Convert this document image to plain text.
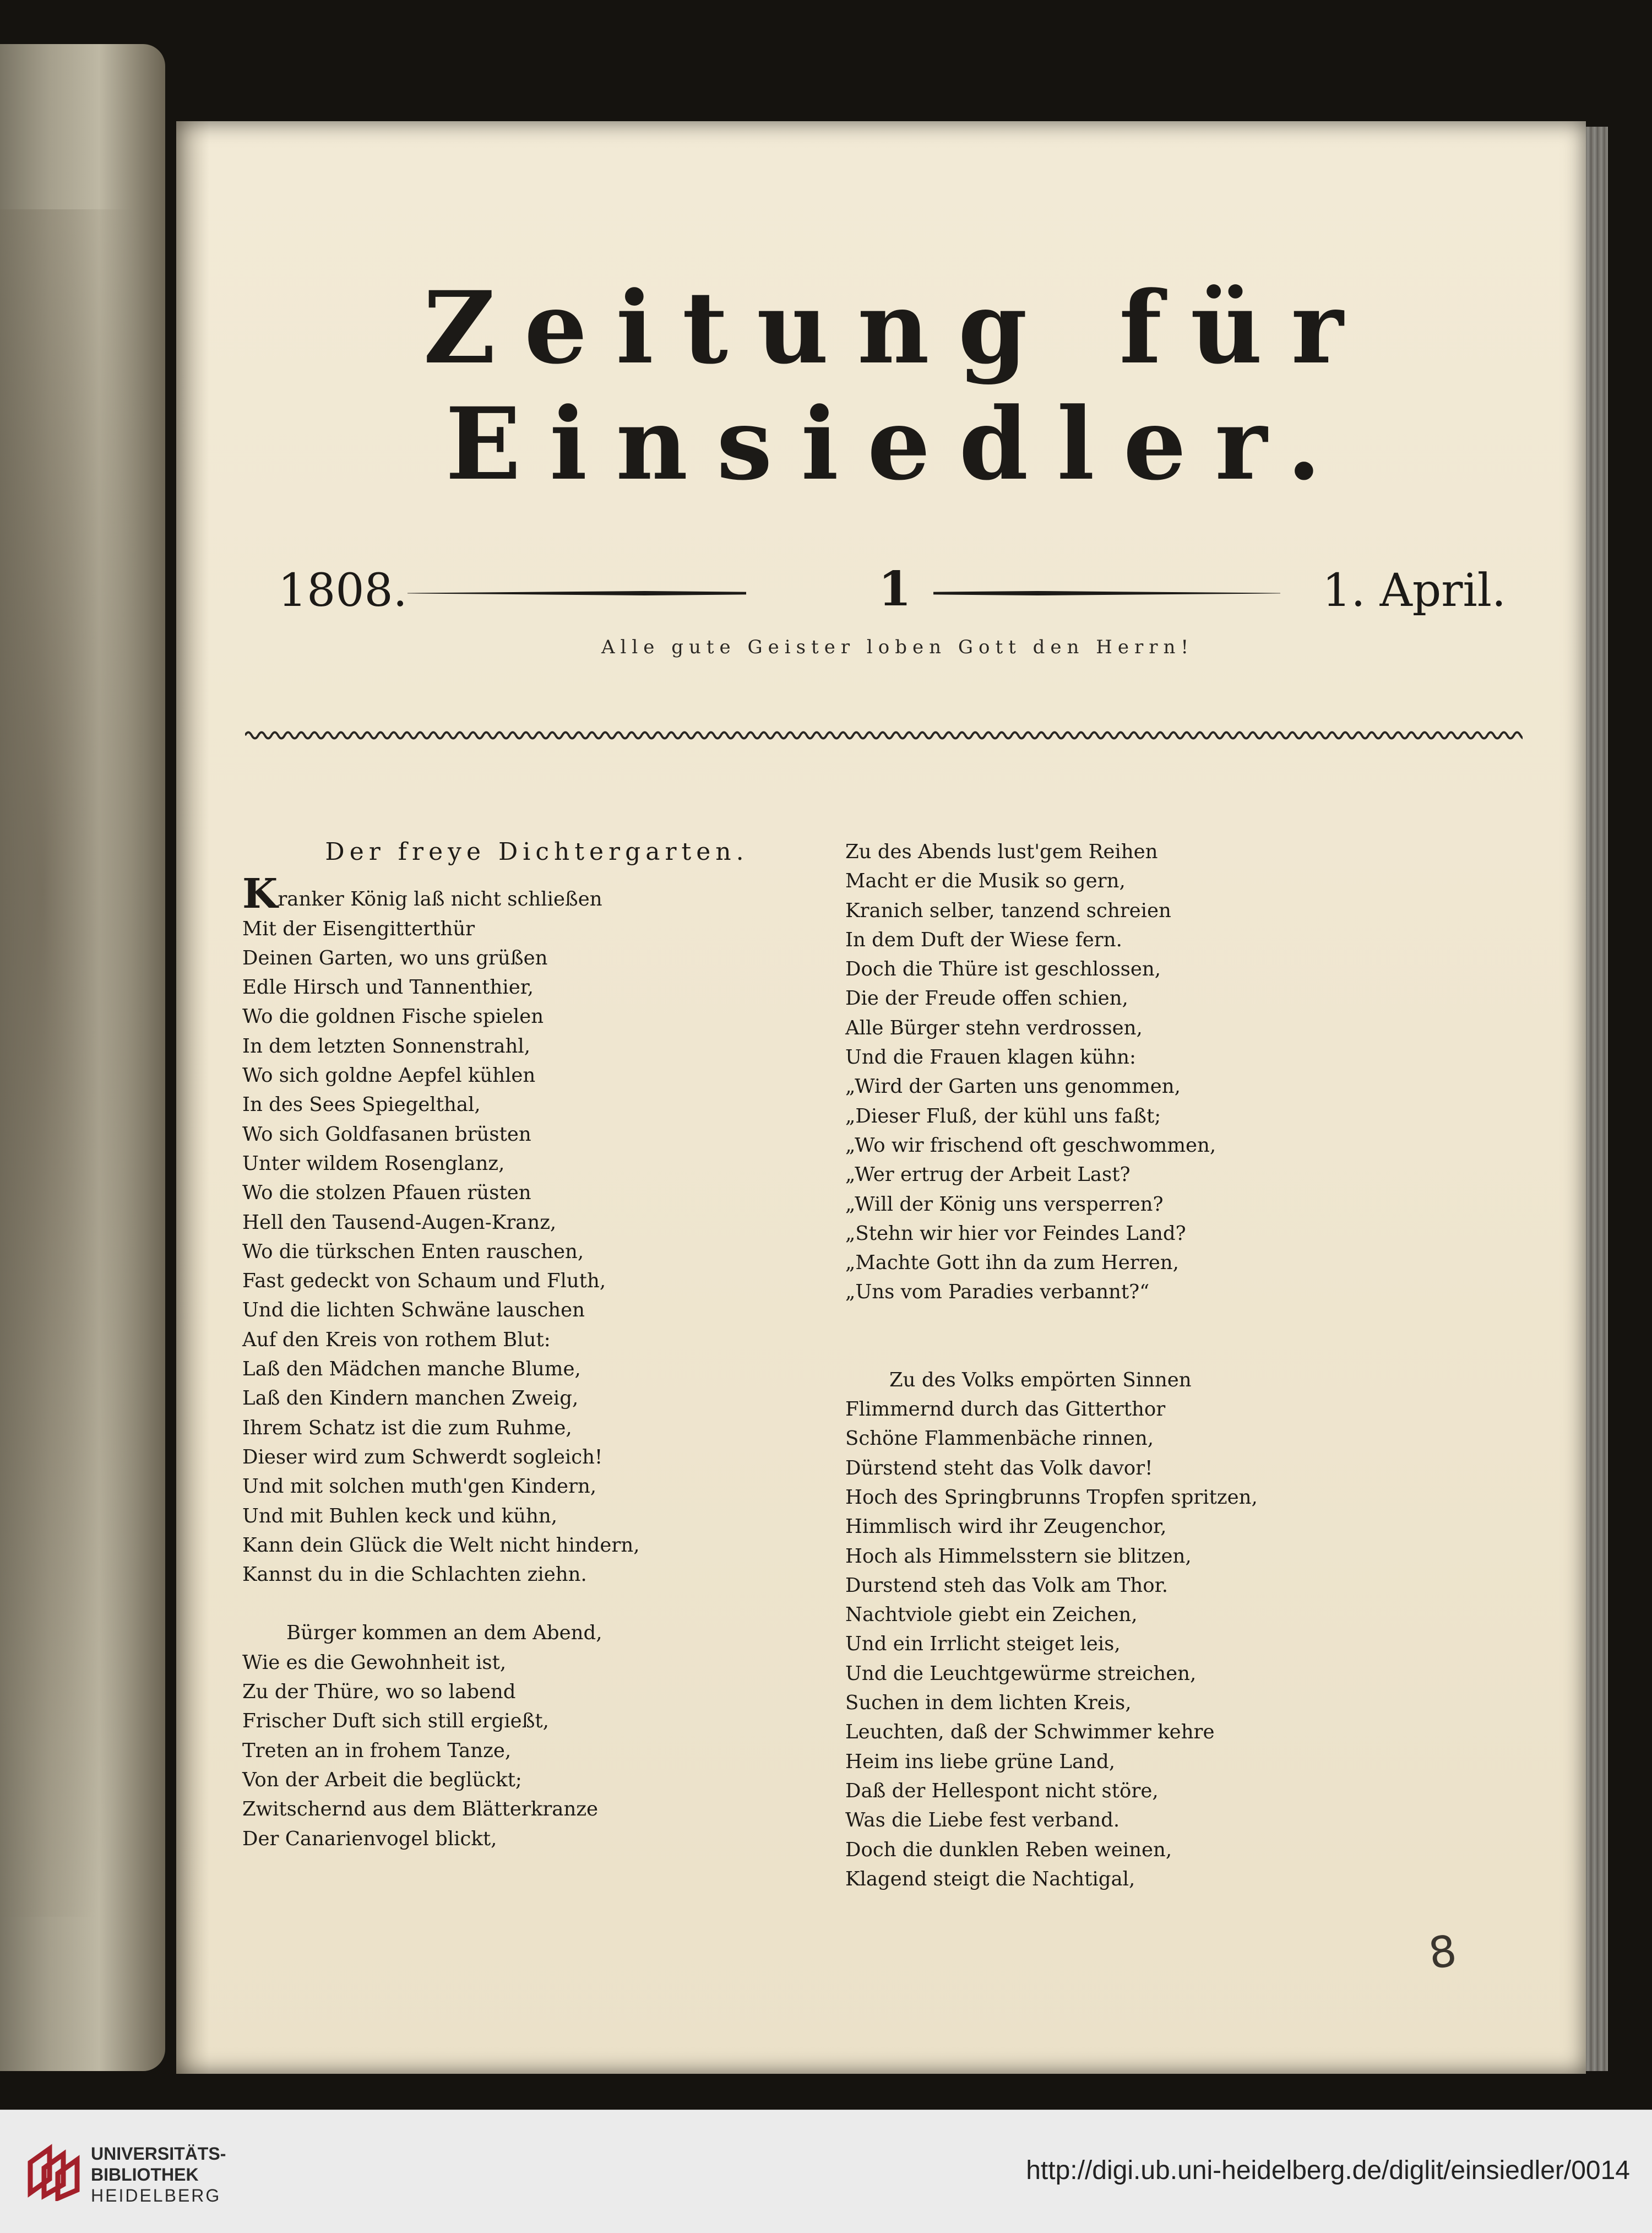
Zeitung für Einsiedler.
1808.	1	1. April.
Alle gute Geister loben Gott den Herrn!
Der freye Dichtergarten.
Kranker König laß nicht schließen
Mit der Eisengitterthür
Deinen Garten, wo uns grüßen
Edle Hirsch und Tannenthier,
Wo die goldnen Fische spielen
In dem letzten Sonnenstrahl,
Wo sich goldne Aepfel kühlen
In des Sees Spiegelthal,
Wo sich Goldfasanen brüsten
Unter wildem Rosenglanz,
Wo die stolzen Pfauen rüsten
Hell den Tausend-Augen-Kranz,
Wo die türkschen Enten rauschen,
Fast gedeckt von Schaum und Fluth,
Und die lichten Schwäne lauschen
Auf den Kreis von rothem Blut:
Laß den Mädchen manche Blume,
Laß den Kindern manchen Zweig,
Ihrem Schatz ist die zum Ruhme,
Dieser wird zum Schwerdt sogleich!
Und mit solchen muth'gen Kindern,
Und mit Buhlen keck und kühn,
Kann dein Glück die Welt nicht hindern,
Kannst du in die Schlachten ziehn.
Bürger kommen an dem Abend,
Wie es die Gewohnheit ist,
Zu der Thüre, wo so labend
Frischer Duft sich still ergießt,
Treten an in frohem Tanze,
Von der Arbeit die beglückt;
Zwitschernd aus dem Blätterkranze
Der Canarienvogel blickt,
Zu des Abends lust'gem Reihen
Macht er die Musik so gern,
Kranich selber, tanzend schreien
In dem Duft der Wiese fern.
Doch die Thüre ist geschlossen,
Die der Freude offen schien,
Alle Bürger stehn verdrossen,
Und die Frauen klagen kühn:
„Wird der Garten uns genommen,
„Dieser Fluß, der kühl uns faßt;
„Wo wir frischend oft geschwommen,
„Wer ertrug der Arbeit Last?
„Will der König uns versperren?
„Stehn wir hier vor Feindes Land?
„Machte Gott ihn da zum Herren,
„Uns vom Paradies verbannt?“
Zu des Volks empörten Sinnen
Flimmernd durch das Gitterthor
Schöne Flammenbäche rinnen,
Dürstend steht das Volk davor!
Hoch des Springbrunns Tropfen spritzen,
Himmlisch wird ihr Zeugenchor,
Hoch als Himmelsstern sie blitzen,
Durstend steh das Volk am Thor.
Nachtviole giebt ein Zeichen,
Und ein Irrlicht steiget leis,
Und die Leuchtgewürme streichen,
Suchen in dem lichten Kreis,
Leuchten, daß der Schwimmer kehre
Heim ins liebe grüne Land,
Daß der Hellespont nicht störe,
Was die Liebe fest verband.
Doch die dunklen Reben weinen,
Klagend steigt die Nachtigal,
8
UNIVERSITÄTS-
BIBLIOTHEK
HEIDELBERG
http://digi.ub.uni-heidelberg.de/diglit/einsiedler/0014
